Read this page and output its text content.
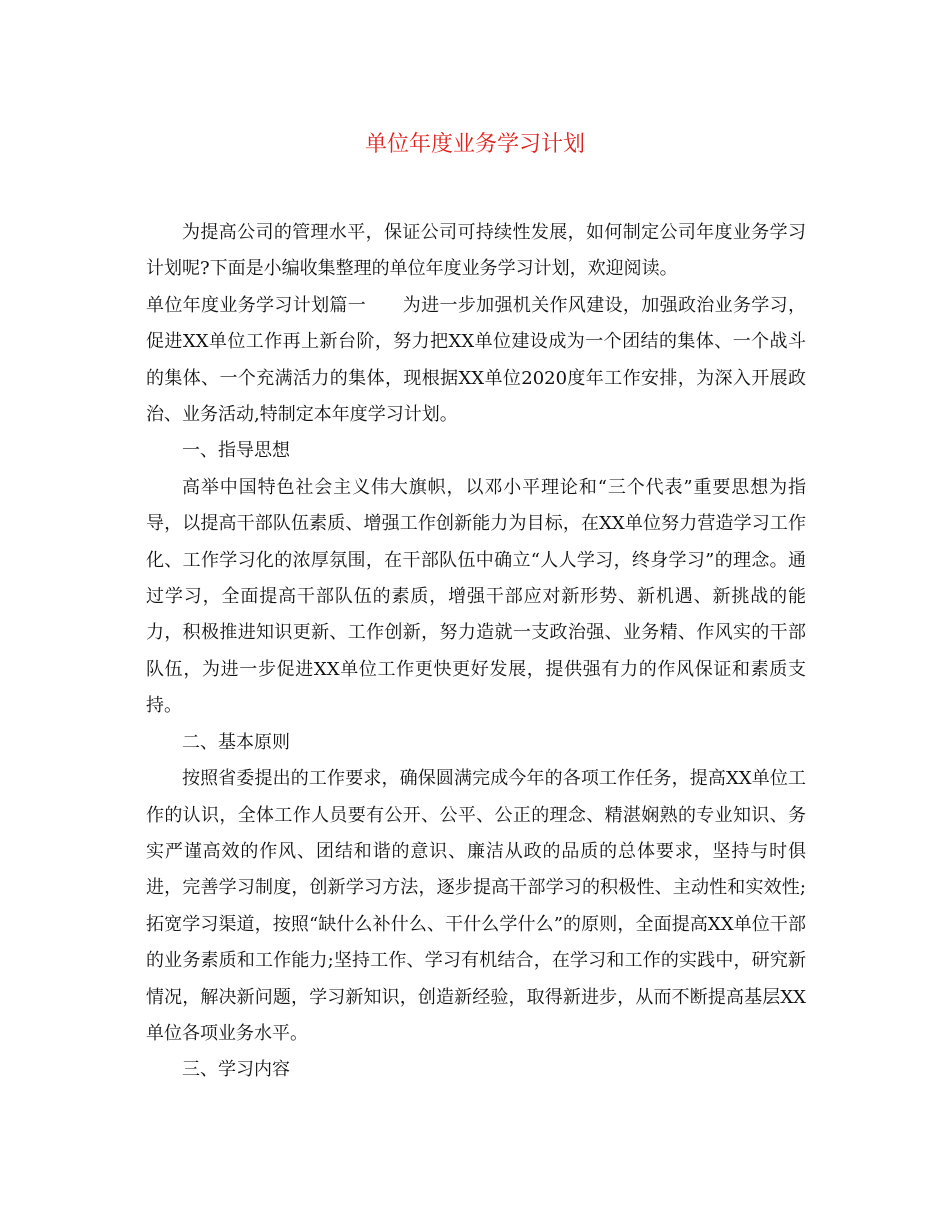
单位年度业务学习计划

为提高公司的管理水平，保证公司可持续性发展，如何制定公司年度业务学习计划呢?下面是小编收集整理的单位年度业务学习计划，欢迎阅读。

单位年度业务学习计划篇一　　为进一步加强机关作风建设，加强政治业务学习，促进XX单位工作再上新台阶，努力把XX单位建设成为一个团结的集体、一个战斗的集体、一个充满活力的集体，现根据XX单位2020度年工作安排，为深入开展政治、业务活动,特制定本年度学习计划。

一、指导思想

高举中国特色社会主义伟大旗帜，以邓小平理论和“三个代表”重要思想为指导，以提高干部队伍素质、增强工作创新能力为目标，在XX单位努力营造学习工作化、工作学习化的浓厚氛围，在干部队伍中确立“人人学习，终身学习”的理念。通过学习，全面提高干部队伍的素质，增强干部应对新形势、新机遇、新挑战的能力，积极推进知识更新、工作创新，努力造就一支政治强、业务精、作风实的干部队伍，为进一步促进XX单位工作更快更好发展，提供强有力的作风保证和素质支持。

二、基本原则

按照省委提出的工作要求，确保圆满完成今年的各项工作任务，提高XX单位工作的认识，全体工作人员要有公开、公平、公正的理念、精湛娴熟的专业知识、务实严谨高效的作风、团结和谐的意识、廉洁从政的品质的总体要求，坚持与时俱进，完善学习制度，创新学习方法，逐步提高干部学习的积极性、主动性和实效性;拓宽学习渠道，按照“缺什么补什么、干什么学什么”的原则，全面提高XX单位干部的业务素质和工作能力;坚持工作、学习有机结合，在学习和工作的实践中，研究新情况，解决新问题，学习新知识，创造新经验，取得新进步，从而不断提高基层XX单位各项业务水平。

三、学习内容
